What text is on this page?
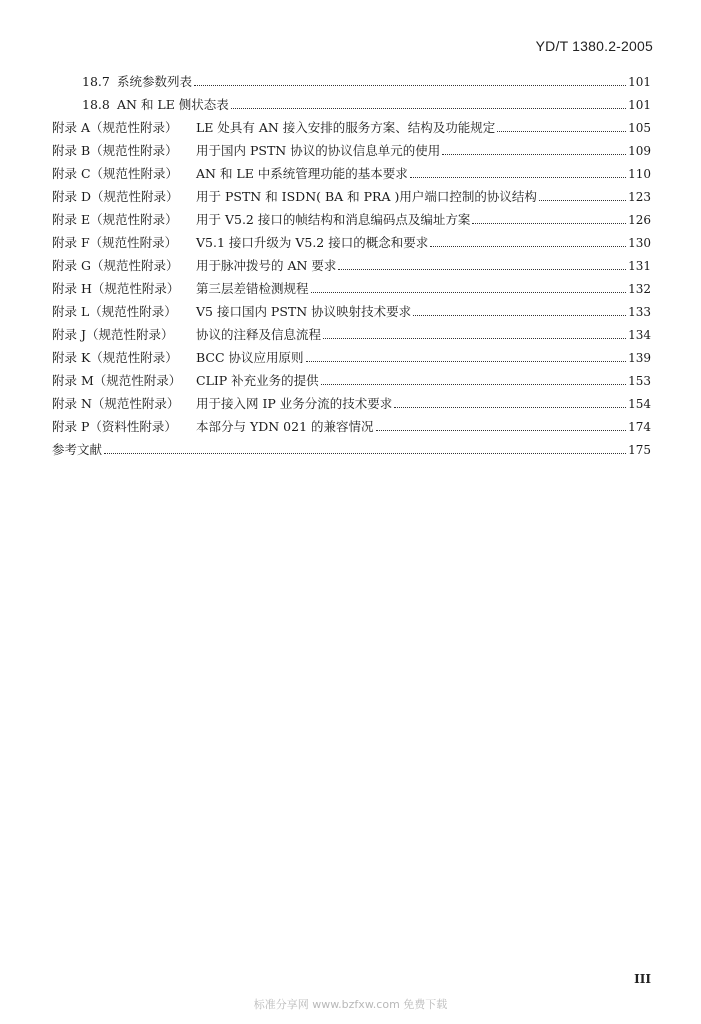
YD/T 1380.2-2005
18.7 系统参数列表	101
18.8 AN 和 LE 侧状态表	101
附录 A（规范性附录） LE 处具有 AN 接入安排的服务方案、结构及功能规定	105
附录 B（规范性附录） 用于国内 PSTN 协议的协议信息单元的使用	109
附录 C（规范性附录） AN 和 LE 中系统管理功能的基本要求	110
附录 D（规范性附录） 用于 PSTN 和 ISDN( BA 和 PRA )用户端口控制的协议结构	123
附录 E（规范性附录） 用于 V5.2 接口的帧结构和消息编码点及编址方案	126
附录 F（规范性附录） V5.1 接口升级为 V5.2 接口的概念和要求	130
附录 G（规范性附录） 用于脉冲拨号的 AN 要求	131
附录 H（规范性附录） 第三层差错检测规程	132
附录 L（规范性附录） V5 接口国内 PSTN 协议映射技术要求	133
附录 J（规范性附录） 协议的注释及信息流程	134
附录 K（规范性附录） BCC 协议应用原则	139
附录 M（规范性附录） CLIP 补充业务的提供	153
附录 N（规范性附录） 用于接入网 IP 业务分流的技术要求	154
附录 P（资料性附录） 本部分与 YDN 021 的兼容情况	174
参考文献	175
III
标准分享网 www.bzfxw.com 免费下载
